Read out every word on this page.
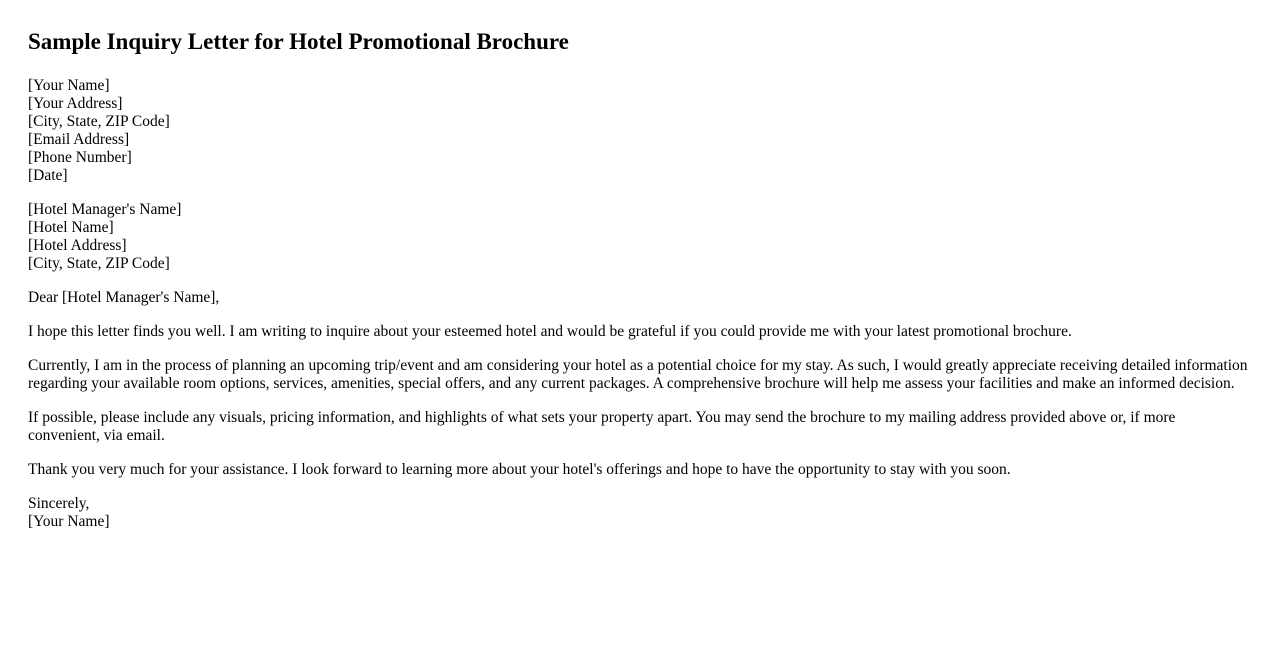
Sample Inquiry Letter for Hotel Promotional Brochure
[Your Name]
[Your Address]
[City, State, ZIP Code]
[Email Address]
[Phone Number]
[Date]
[Hotel Manager's Name]
[Hotel Name]
[Hotel Address]
[City, State, ZIP Code]

Dear [Hotel Manager's Name],

I hope this letter finds you well. I am writing to inquire about your esteemed hotel and would be grateful if you could provide me with your latest promotional brochure.

Currently, I am in the process of planning an upcoming trip/event and am considering your hotel as a potential choice for my stay. As such, I would greatly appreciate receiving detailed information regarding your available room options, services, amenities, special offers, and any current packages. A comprehensive brochure will help me assess your facilities and make an informed decision.

If possible, please include any visuals, pricing information, and highlights of what sets your property apart. You may send the brochure to my mailing address provided above or, if more convenient, via email.

Thank you very much for your assistance. I look forward to learning more about your hotel's offerings and hope to have the opportunity to stay with you soon.

Sincerely,
[Your Name]
